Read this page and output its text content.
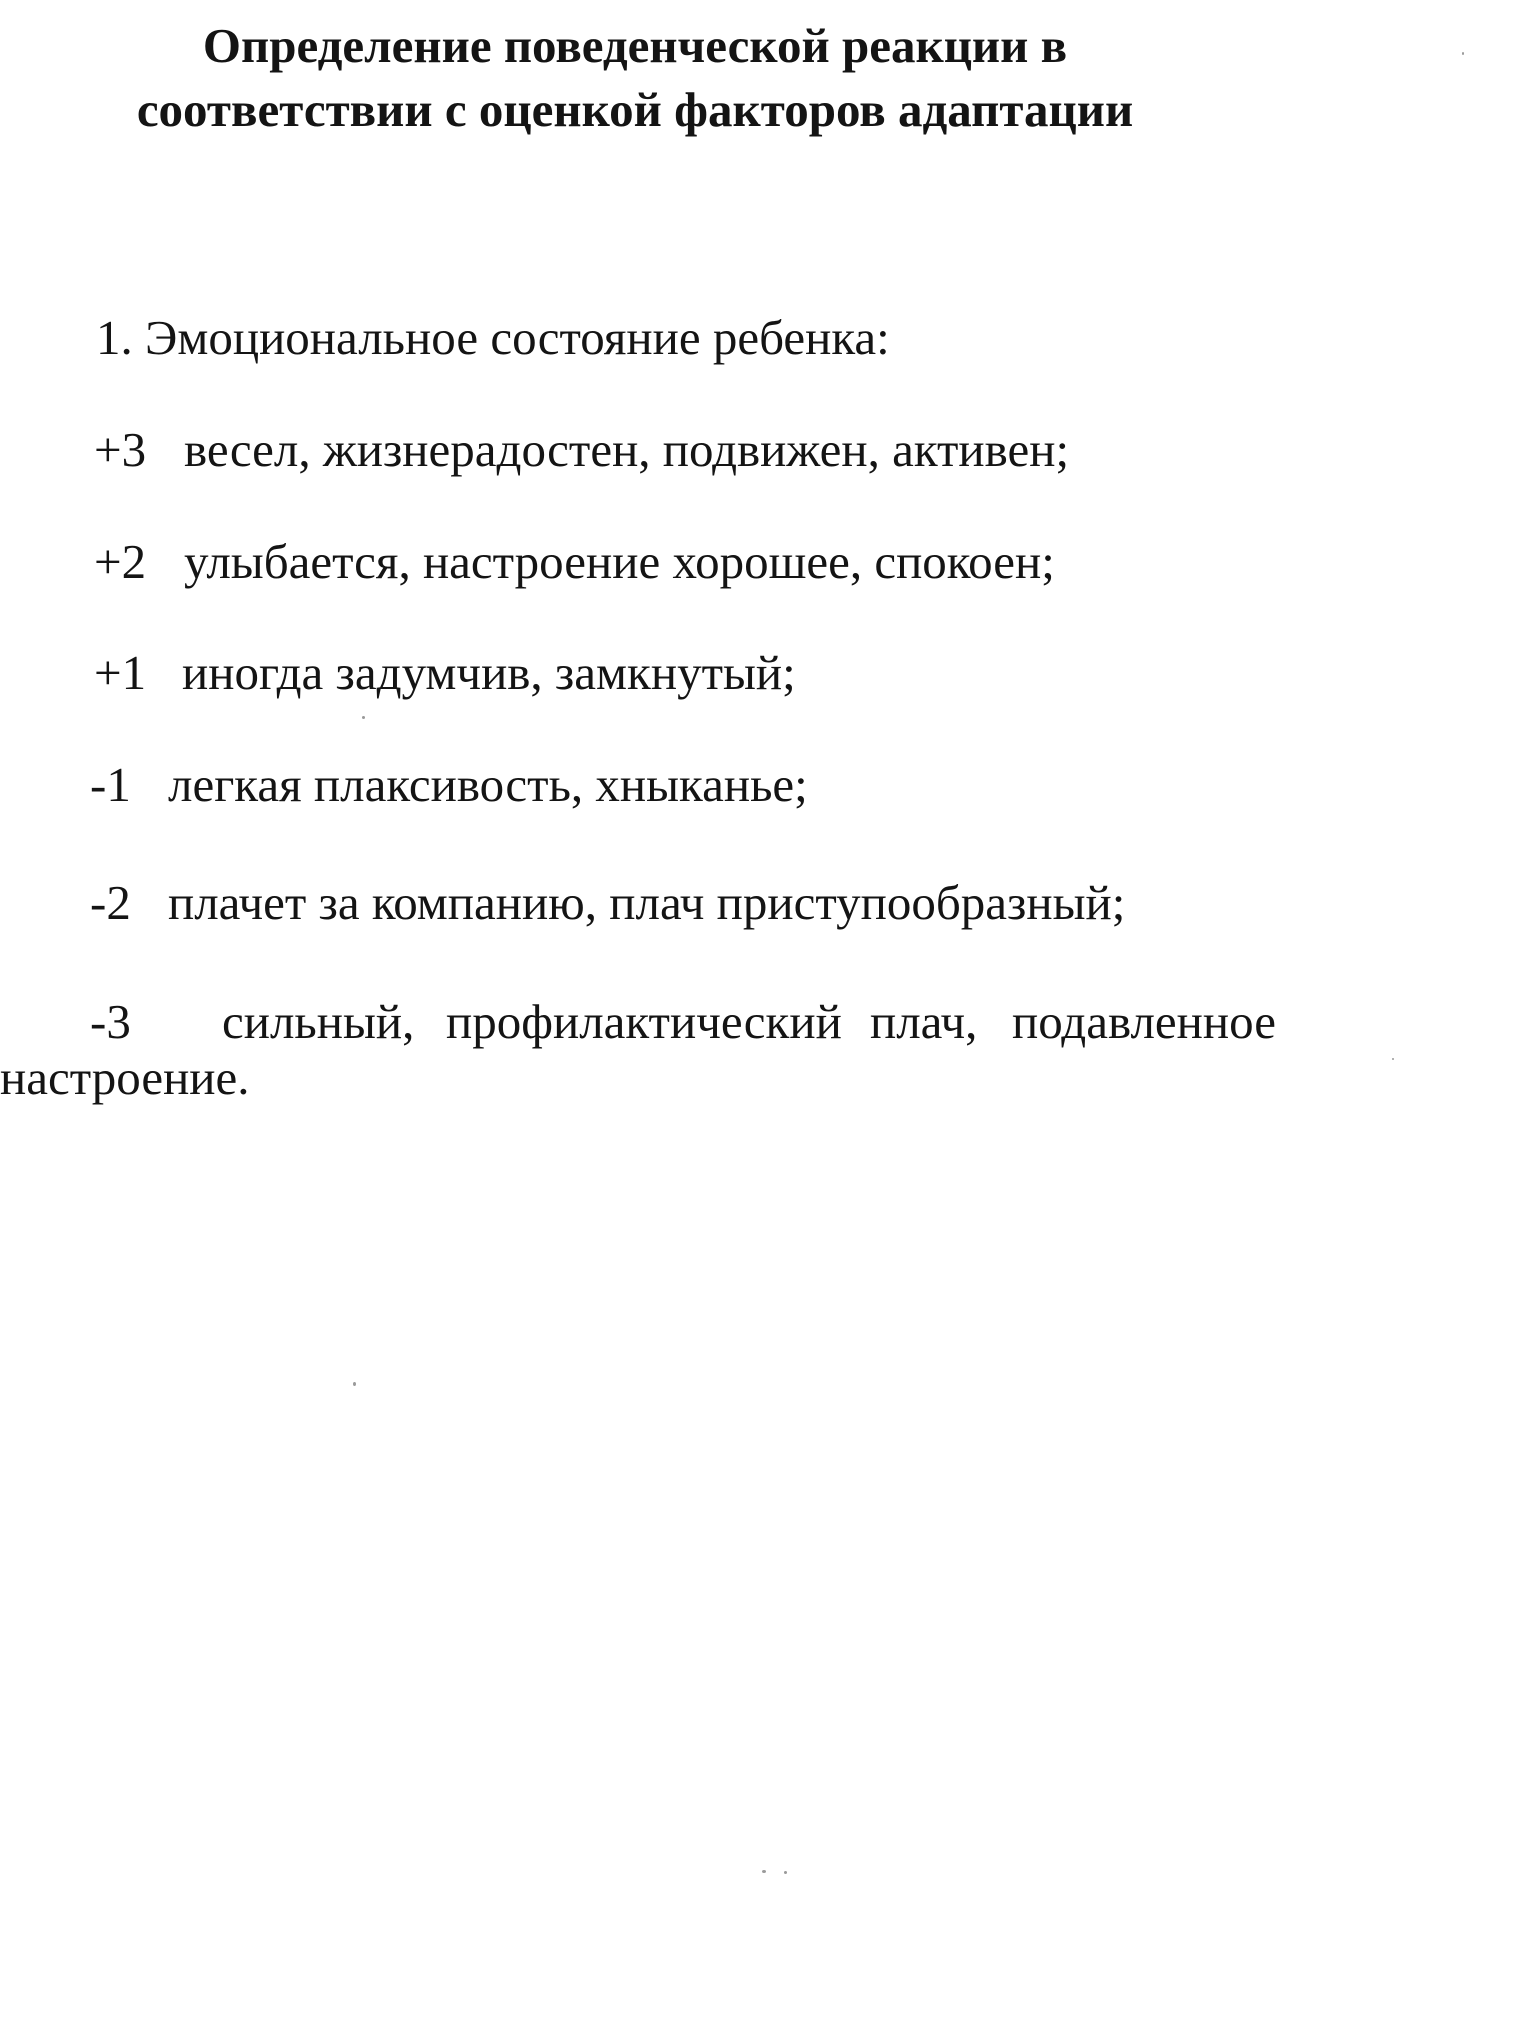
Определение поведенческой реакции в
соответствии с оценкой факторов адаптации

1. Эмоциональное состояние ребенка:

+3 весел, жизнерадостен, подвижен, активен;
+2 улыбается, настроение хорошее, спокоен;
+1 иногда задумчив, замкнутый;
-1 легкая плаксивость, хныканье;
-2 плачет за компанию, плач приступообразный;
-3 сильный, профилактический плач, подавленное
настроение.
